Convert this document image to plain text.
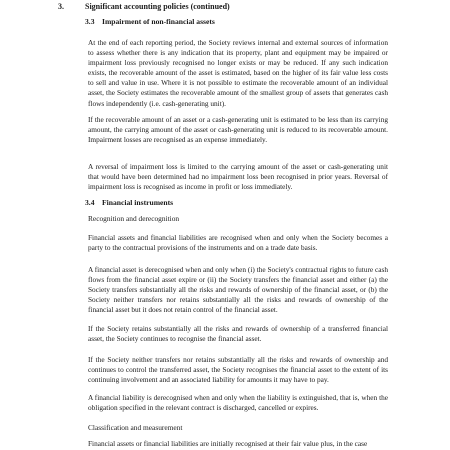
3.	Significant accounting policies (continued)
3.3 Impairment of non-financial assets
At the end of each reporting period, the Society reviews internal and external sources of information to assess whether there is any indication that its property, plant and equipment may be impaired or impairment loss previously recognised no longer exists or may be reduced. If any such indication exists, the recoverable amount of the asset is estimated, based on the higher of its fair value less costs to sell and value in use. Where it is not possible to estimate the recoverable amount of an individual asset, the Society estimates the recoverable amount of the smallest group of assets that generates cash flows independently (i.e. cash-generating unit).
If the recoverable amount of an asset or a cash-generating unit is estimated to be less than its carrying amount, the carrying amount of the asset or cash-generating unit is reduced to its recoverable amount. Impairment losses are recognised as an expense immediately.
A reversal of impairment loss is limited to the carrying amount of the asset or cash-generating unit that would have been determined had no impairment loss been recognised in prior years. Reversal of impairment loss is recognised as income in profit or loss immediately.
3.4 Financial instruments
Recognition and derecognition
Financial assets and financial liabilities are recognised when and only when the Society becomes a party to the contractual provisions of the instruments and on a trade date basis.
A financial asset is derecognised when and only when (i) the Society's contractual rights to future cash flows from the financial asset expire or (ii) the Society transfers the financial asset and either (a) the Society transfers substantially all the risks and rewards of ownership of the financial asset, or (b) the Society neither transfers nor retains substantially all the risks and rewards of ownership of the financial asset but it does not retain control of the financial asset.
If the Society retains substantially all the risks and rewards of ownership of a transferred financial asset, the Society continues to recognise the financial asset.
If the Society neither transfers nor retains substantially all the risks and rewards of ownership and continues to control the transferred asset, the Society recognises the financial asset to the extent of its continuing involvement and an associated liability for amounts it may have to pay.
A financial liability is derecognised when and only when the liability is extinguished, that is, when the obligation specified in the relevant contract is discharged, cancelled or expires.
Classification and measurement
Financial assets or financial liabilities are initially recognised at their fair value plus, in the case
